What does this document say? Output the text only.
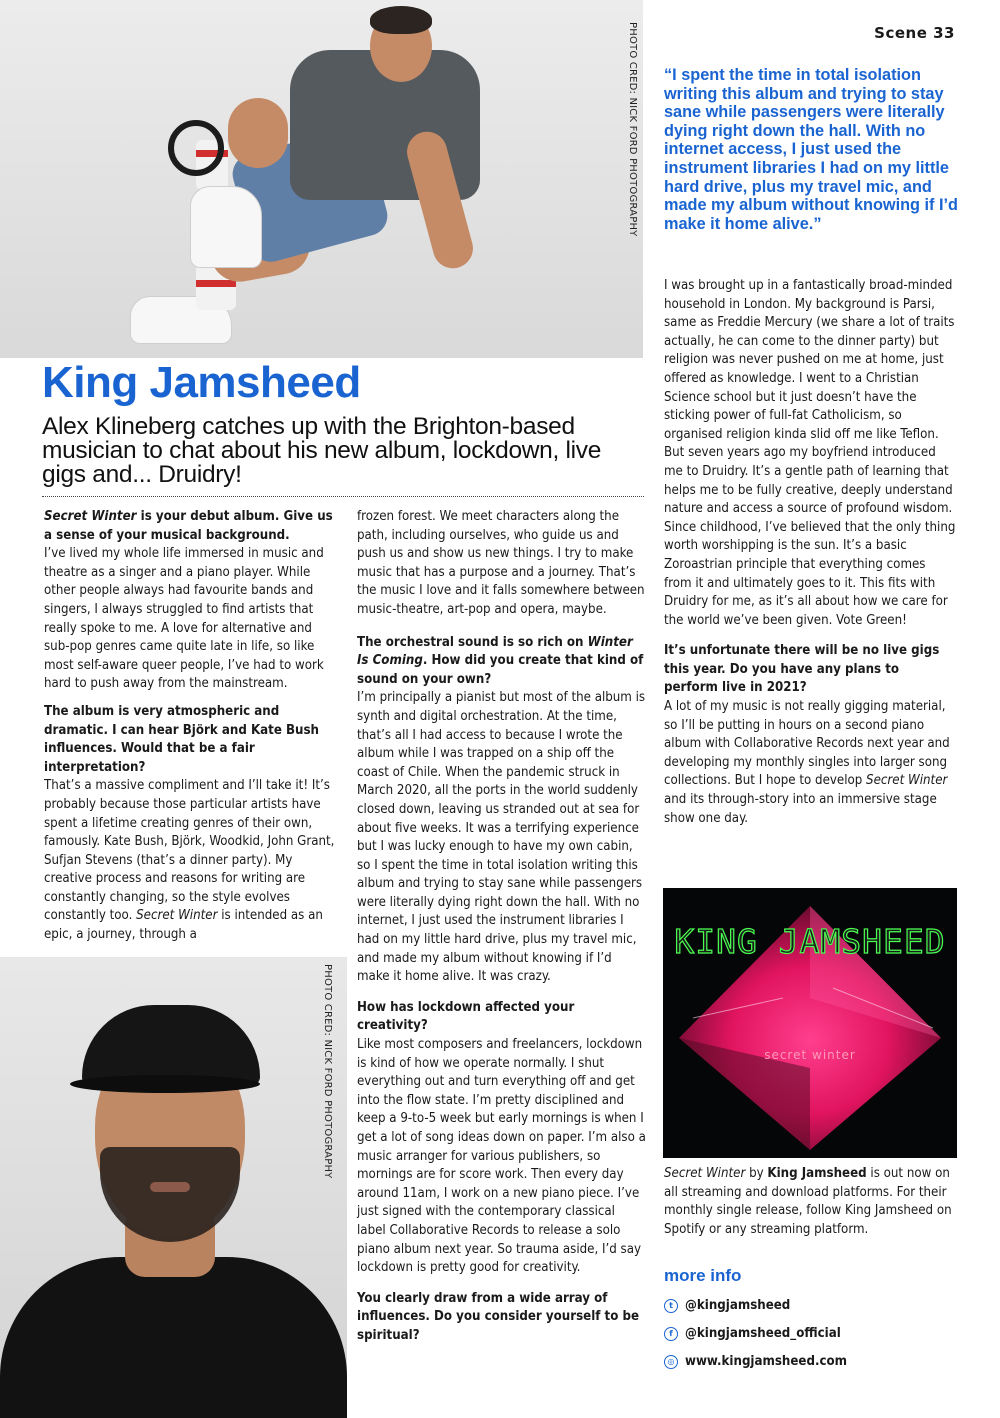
PHOTO CRED: NICK FORD PHOTOGRAPHY	Scene 33
“I spent the time in total isolation writing this album and trying to stay sane while passengers were literally dying right down the hall. With no internet access, I just used the instrument libraries I had on my little hard drive, plus my travel mic, and made my album without knowing if I’d make it home alive.”
King Jamsheed
Alex Klineberg catches up with the Brighton-based musician to chat about his new album, lockdown, live gigs and... Druidry!

Secret Winter is your debut album. Give us a sense of your musical background.

I’ve lived my whole life immersed in music and theatre as a singer and a piano player. While other people always had favourite bands and singers, I always struggled to find artists that really spoke to me. A love for alternative and sub-pop genres came quite late in life, so like most self-aware queer people, I’ve had to work hard to push away from the mainstream.

The album is very atmospheric and dramatic. I can hear Björk and Kate Bush influences. Would that be a fair interpretation?

That’s a massive compliment and I’ll take it! It’s probably because those particular artists have spent a lifetime creating genres of their own, famously. Kate Bush, Björk, Woodkid, John Grant, Sufjan Stevens (that’s a dinner party). My creative process and reasons for writing are constantly changing, so the style evolves constantly too. Secret Winter is intended as an epic, a journey, through a

PHOTO CRED: NICK FORD PHOTOGRAPHY

frozen forest. We meet characters along the path, including ourselves, who guide us and push us and show us new things. I try to make music that has a purpose and a journey. That’s the music I love and it falls somewhere between music-theatre, art-pop and opera, maybe.

The orchestral sound is so rich on Winter Is Coming. How did you create that kind of sound on your own?

I’m principally a pianist but most of the album is synth and digital orchestration. At the time, that’s all I had access to because I wrote the album while I was trapped on a ship off the coast of Chile. When the pandemic struck in March 2020, all the ports in the world suddenly closed down, leaving us stranded out at sea for about five weeks. It was a terrifying experience but I was lucky enough to have my own cabin, so I spent the time in total isolation writing this album and trying to stay sane while passengers were literally dying right down the hall. With no internet, I just used the instrument libraries I had on my little hard drive, plus my travel mic, and made my album without knowing if I’d make it home alive. It was crazy.

How has lockdown affected your creativity?

Like most composers and freelancers, lockdown is kind of how we operate normally. I shut everything out and turn everything off and get into the flow state. I’m pretty disciplined and keep a 9-to-5 week but early mornings is when I get a lot of song ideas down on paper. I’m also a music arranger for various publishers, so mornings are for score work. Then every day around 11am, I work on a new piano piece. I’ve just signed with the contemporary classical label Collaborative Records to release a solo piano album next year. So trauma aside, I’d say lockdown is pretty good for creativity.

You clearly draw from a wide array of influences. Do you consider yourself to be spiritual?

I was brought up in a fantastically broad-minded household in London. My background is Parsi, same as Freddie Mercury (we share a lot of traits actually, he can come to the dinner party) but religion was never pushed on me at home, just offered as knowledge. I went to a Christian Science school but it just doesn’t have the sticking power of full-fat Catholicism, so organised religion kinda slid off me like Teflon. But seven years ago my boyfriend introduced me to Druidry. It’s a gentle path of learning that helps me to be fully creative, deeply understand nature and access a source of profound wisdom. Since childhood, I’ve believed that the only thing worth worshipping is the sun. It’s a basic Zoroastrian principle that everything comes from it and ultimately goes to it. This fits with Druidry for me, as it’s all about how we care for the world we’ve been given. Vote Green!

It’s unfortunate there will be no live gigs this year. Do you have any plans to perform live in 2021?

A lot of my music is not really gigging material, so I’ll be putting in hours on a second piano album with Collaborative Records next year and developing my monthly singles into larger song collections. But I hope to develop Secret Winter and its through-story into an immersive stage show one day.

KING JAMSHEED
secret winter
Secret Winter by King Jamsheed is out now on all streaming and download platforms. For their monthly single release, follow King Jamsheed on Spotify or any streaming platform.
more info
t @kingjamsheed
f @kingjamsheed_official
◎ www.kingjamsheed.com
